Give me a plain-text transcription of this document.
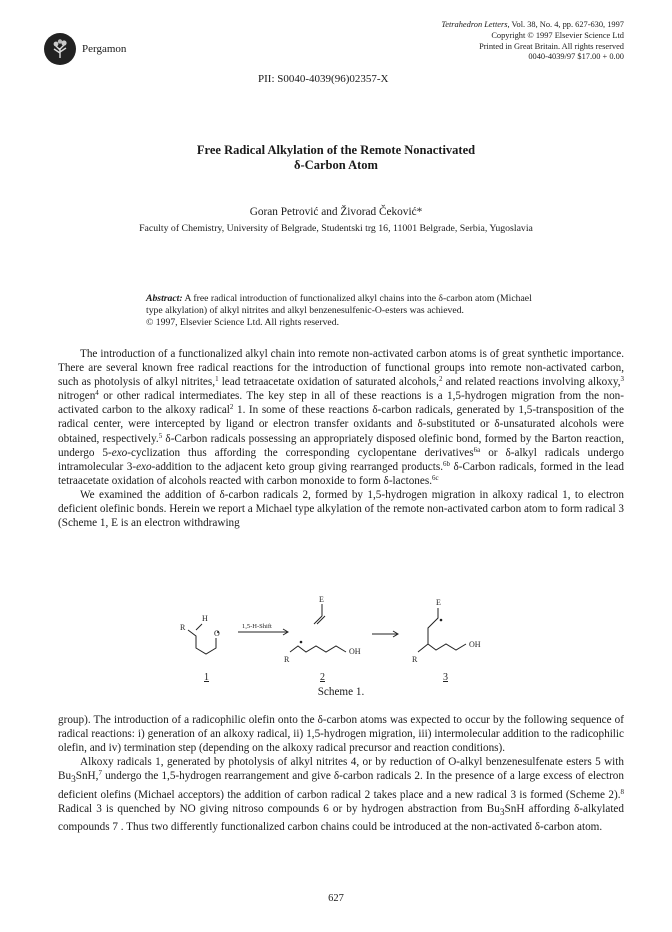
Pergamon
Tetrahedron Letters, Vol. 38, No. 4, pp. 627-630, 1997
Copyright © 1997 Elsevier Science Ltd
Printed in Great Britain. All rights reserved
0040-4039/97 $17.00 + 0.00
PII: S0040-4039(96)02357-X
Free Radical Alkylation of the Remote Nonactivated
δ-Carbon Atom
Goran Petrović and Živorad Čeković*
Faculty of Chemistry, University of Belgrade, Studentski trg 16, 11001 Belgrade, Serbia, Yugoslavia
Abstract: A free radical introduction of functionalized alkyl chains into the δ-carbon atom (Michael type alkylation) of alkyl nitrites and alkyl benzenesulfenic-O-esters was achieved.
© 1997, Elsevier Science Ltd. All rights reserved.

The introduction of a functionalized alkyl chain into remote non-activated carbon atoms is of great synthetic importance. There are several known free radical reactions for the introduction of functional groups into remote non-activated carbon, such as photolysis of alkyl nitrites,$^1$ lead tetraacetate oxidation of saturated alcohols,$^2$ and related reactions involving alkoxy,$^3$ nitrogen$^4$ or other radical intermediates. The key step in all of these reactions is a 1,5-hydrogen migration from the non-activated carbon to the alkoxy radical$^2$ 1. In some of these reactions δ-carbon radicals, generated by 1,5-transposition of the radical center, were intercepted by ligand or electron transfer oxidants and δ-substituted or δ-unsaturated alcohols were obtained, respectively.$^5$ δ-Carbon radicals possessing an appropriately disposed olefinic bond, formed by the Barton reaction, undergo 5-exo-cyclization thus affording the corresponding cyclopentane derivatives$^{6a}$ or δ-alkyl radicals undergo intramolecular 3-exo-addition to the adjacent keto group giving rearranged products.$^{6b}$ δ-Carbon radicals, formed in the lead tetraacetate oxidation of alcohols reacted with carbon monoxide to form δ-lactones.$^{6c}$

We examined the addition of δ-carbon radicals 2, formed by 1,5-hydrogen migration in alkoxy radical 1, to electron deficient olefinic bonds. Herein we report a Michael type alkylation of the remote non-activated carbon atom to form radical 3 (Scheme 1, E is an electron withdrawing

R
H
O
1,5-H-Shift
E
R
OH
E
R
OH
1	2	3
Scheme 1.

group). The introduction of a radicophilic olefin onto the δ-carbon atoms was expected to occur by the following sequence of radical reactions: i) generation of an alkoxy radical, ii) 1,5-hydrogen migration, iii) intermolecular addition to the radicophilic olefin, and iv) termination step (depending on the alkoxy radical precursor and reaction conditions).

Alkoxy radicals 1, generated by photolysis of alkyl nitrites 4, or by reduction of O-alkyl benzenesulfenate esters 5 with $Bu_3SnH,^7$ undergo the 1,5-hydrogen rearrangement and give δ-carbon radicals 2. In the presence of a large excess of electron deficient olefins (Michael acceptors) the addition of carbon radical 2 takes place and a new radical 3 is formed (Scheme 2).$^8$ Radical 3 is quenched by NO giving nitroso compounds 6 or by hydrogen abstraction from $Bu_3SnH$ affording δ-alkylated compounds 7 . Thus two differently functionalized carbon chains could be introduced at the non-activated δ-carbon atom.

627
